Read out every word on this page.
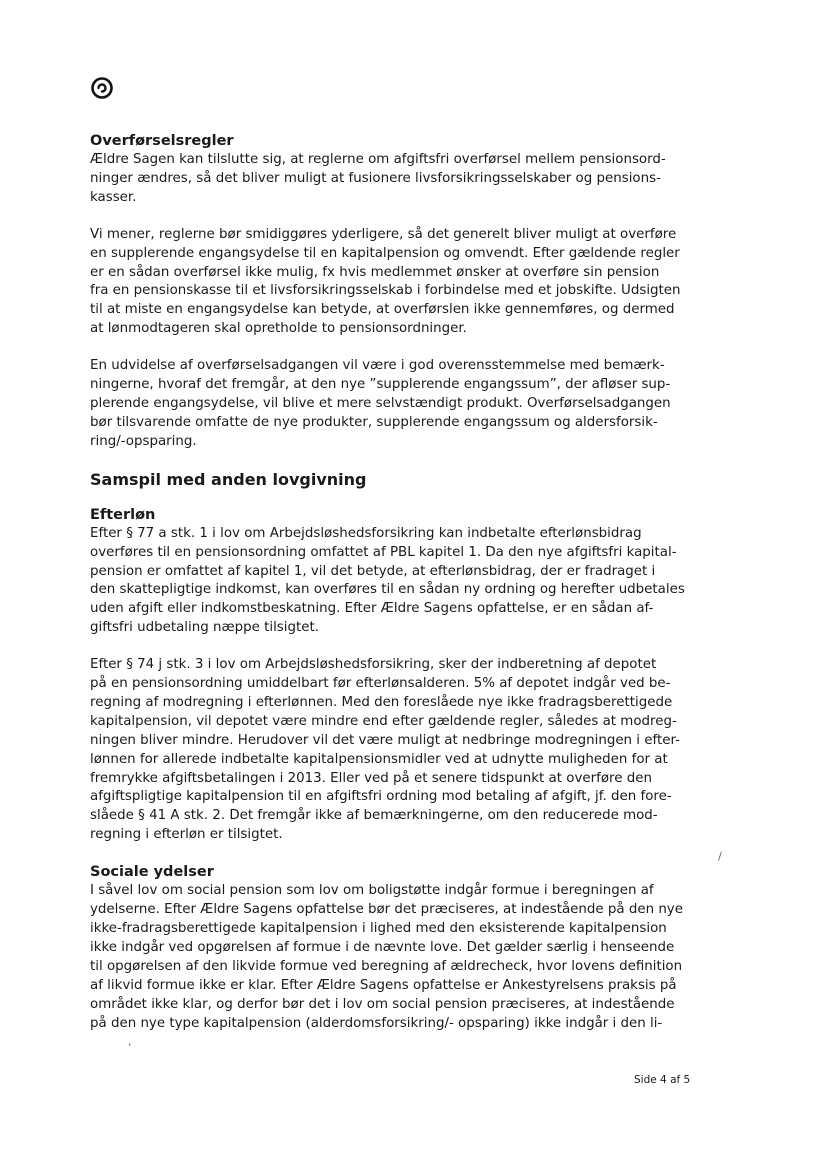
Overførselsregler

Ældre Sagen kan tilslutte sig, at reglerne om afgiftsfri overførsel mellem pensionsord-
ninger ændres, så det bliver muligt at fusionere livsforsikringsselskaber og pensions-
kasser.

Vi mener, reglerne bør smidiggøres yderligere, så det generelt bliver muligt at overføre
en supplerende engangsydelse til en kapitalpension og omvendt. Efter gældende regler
er en sådan overførsel ikke mulig, fx hvis medlemmet ønsker at overføre sin pension
fra en pensionskasse til et livsforsikringsselskab i forbindelse med et jobskifte. Udsigten
til at miste en engangsydelse kan betyde, at overførslen ikke gennemføres, og dermed
at lønmodtageren skal opretholde to pensionsordninger.

En udvidelse af overførselsadgangen vil være i god overensstemmelse med bemærk-
ningerne, hvoraf det fremgår, at den nye ”supplerende engangssum”, der afløser sup-
plerende engangsydelse, vil blive et mere selvstændigt produkt. Overførselsadgangen
bør tilsvarende omfatte de nye produkter, supplerende engangssum og aldersforsik-
ring/-opsparing.

Samspil med anden lovgivning
Efterløn

Efter § 77 a stk. 1 i lov om Arbejdsløshedsforsikring kan indbetalte efterlønsbidrag
overføres til en pensionsordning omfattet af PBL kapitel 1. Da den nye afgiftsfri kapital-
pension er omfattet af kapitel 1, vil det betyde, at efterlønsbidrag, der er fradraget i
den skattepligtige indkomst, kan overføres til en sådan ny ordning og herefter udbetales
uden afgift eller indkomstbeskatning. Efter Ældre Sagens opfattelse, er en sådan af-
giftsfri udbetaling næppe tilsigtet.

Efter § 74 j stk. 3 i lov om Arbejdsløshedsforsikring, sker der indberetning af depotet
på en pensionsordning umiddelbart før efterlønsalderen. 5% af depotet indgår ved be-
regning af modregning i efterlønnen. Med den foreslåede nye ikke fradragsberettigede
kapitalpension, vil depotet være mindre end efter gældende regler, således at modreg-
ningen bliver mindre. Herudover vil det være muligt at nedbringe modregningen i efter-
lønnen for allerede indbetalte kapitalpensionsmidler ved at udnytte muligheden for at
fremrykke afgiftsbetalingen i 2013. Eller ved på et senere tidspunkt at overføre den
afgiftspligtige kapitalpension til en afgiftsfri ordning mod betaling af afgift, jf. den fore-
slåede § 41 A stk. 2. Det fremgår ikke af bemærkningerne, om den reducerede mod-
regning i efterløn er tilsigtet.

Sociale ydelser

I såvel lov om social pension som lov om boligstøtte indgår formue i beregningen af
ydelserne. Efter Ældre Sagens opfattelse bør det præciseres, at indestående på den nye
ikke-fradragsberettigede kapitalpension i lighed med den eksisterende kapitalpension
ikke indgår ved opgørelsen af formue i de nævnte love. Det gælder særlig i henseende
til opgørelsen af den likvide formue ved beregning af ældrecheck, hvor lovens definition
af likvid formue ikke er klar. Efter Ældre Sagens opfattelse er Ankestyrelsens praksis på
området ikke klar, og derfor bør det i lov om social pension præciseres, at indestående
på den nye type kapitalpension (alderdomsforsikring/- opsparing) ikke indgår i den li-

,
/
Side 4 af 5
